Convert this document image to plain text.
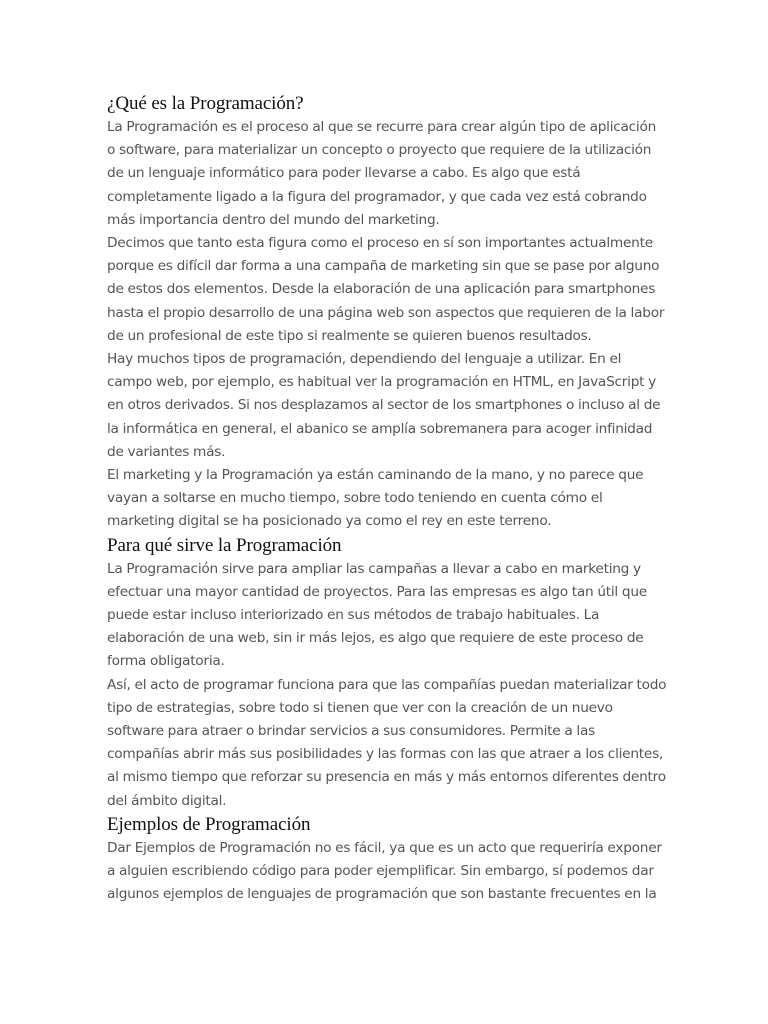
¿Qué es la Programación?

La Programación es el proceso al que se recurre para crear algún tipo de aplicación o software, para materializar un concepto o proyecto que requiere de la utilización de un lenguaje informático para poder llevarse a cabo. Es algo que está completamente ligado a la figura del programador, y que cada vez está cobrando más importancia dentro del mundo del marketing.

Decimos que tanto esta figura como el proceso en sí son importantes actualmente porque es difícil dar forma a una campaña de marketing sin que se pase por alguno de estos dos elementos. Desde la elaboración de una aplicación para smartphones hasta el propio desarrollo de una página web son aspectos que requieren de la labor de un profesional de este tipo si realmente se quieren buenos resultados.

Hay muchos tipos de programación, dependiendo del lenguaje a utilizar. En el campo web, por ejemplo, es habitual ver la programación en HTML, en JavaScript y en otros derivados. Si nos desplazamos al sector de los smartphones o incluso al de la informática en general, el abanico se amplía sobremanera para acoger infinidad de variantes más.

El marketing y la Programación ya están caminando de la mano, y no parece que vayan a soltarse en mucho tiempo, sobre todo teniendo en cuenta cómo el marketing digital se ha posicionado ya como el rey en este terreno.

Para qué sirve la Programación

La Programación sirve para ampliar las campañas a llevar a cabo en marketing y efectuar una mayor cantidad de proyectos. Para las empresas es algo tan útil que puede estar incluso interiorizado en sus métodos de trabajo habituales. La elaboración de una web, sin ir más lejos, es algo que requiere de este proceso de forma obligatoria.

Así, el acto de programar funciona para que las compañías puedan materializar todo tipo de estrategias, sobre todo si tienen que ver con la creación de un nuevo software para atraer o brindar servicios a sus consumidores. Permite a las compañías abrir más sus posibilidades y las formas con las que atraer a los clientes, al mismo tiempo que reforzar su presencia en más y más entornos diferentes dentro del ámbito digital.

Ejemplos de Programación

Dar Ejemplos de Programación no es fácil, ya que es un acto que requeriría exponer a alguien escribiendo código para poder ejemplificar. Sin embargo, sí podemos dar algunos ejemplos de lenguajes de programación que son bastante frecuentes en la
